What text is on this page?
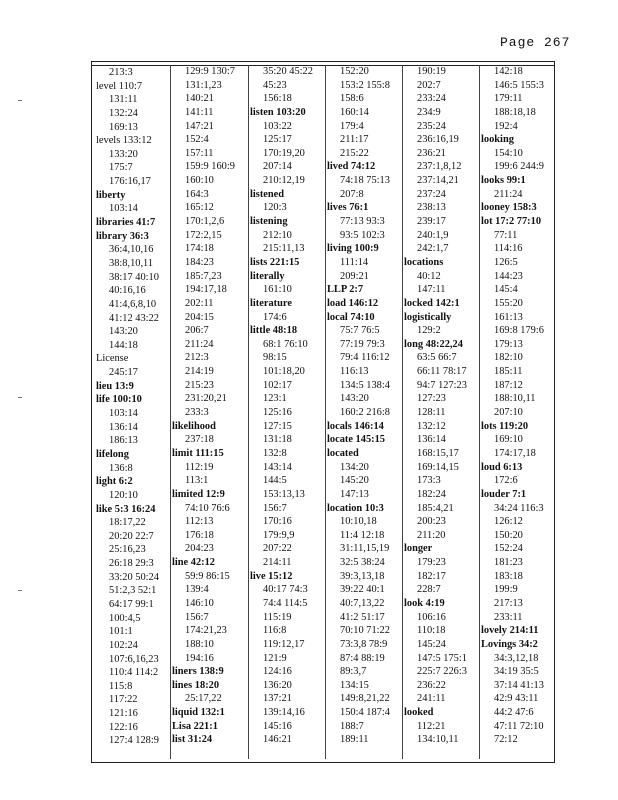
Page 267
213:3
level 110:7
131:11
132:24
169:13
levels 133:12
133:20
175:7
176:16,17
liberty
103:14
libraries 41:7
library 36:3
36:4,10,16
38:8,10,11
38:17 40:10
40:16,16
41:4,6,8,10
41:12 43:22
143:20
144:18
License
245:17
lieu 13:9
life 100:10
103:14
136:14
186:13
lifelong
136:8
light 6:2
120:10
like 5:3 16:24
18:17,22
20:20 22:7
25:16,23
26:18 29:3
33:20 50:24
51:2,3 52:1
64:17 99:1
100:4,5
101:1
102:24
107:6,16,23
110:4 114:2
115:8
117:22
121:16
122:16
127:4 128:9
129:9 130:7
131:1,23
140:21
141:11
147:21
152:4
157:11
159:9 160:9
160:10
164:3
165:12
170:1,2,6
172:2,15
174:18
184:23
185:7,23
194:17,18
202:11
204:15
206:7
211:24
212:3
214:19
215:23
231:20,21
233:3
likelihood
237:18
limit 111:15
112:19
113:1
limited 12:9
74:10 76:6
112:13
176:18
204:23
line 42:12
59:9 86:15
139:4
146:10
156:7
174:21,23
188:10
194:16
liners 138:9
lines 18:20
25:17,22
liquid 132:1
Lisa 221:1
list 31:24
35:20 45:22
45:23
156:18
listen 103:20
103:22
125:17
170:19,20
207:14
210:12,19
listened
120:3
listening
212:10
215:11,13
lists 221:15
literally
161:10
literature
174:6
little 48:18
68:1 76:10
98:15
101:18,20
102:17
123:1
125:16
127:15
131:18
132:8
143:14
144:5
153:13,13
156:7
170:16
179:9,9
207:22
214:11
live 15:12
40:17 74:3
74:4 114:5
115:19
116:8
119:12,17
121:9
124:16
136:20
137:21
139:14,16
145:16
146:21
152:20
153:2 155:8
158:6
160:14
179:4
211:17
215:22
lived 74:12
74:18 75:13
207:8
lives 76:1
77:13 93:3
93:5 102:3
living 100:9
111:14
209:21
LLP 2:7
load 146:12
local 74:10
75:7 76:5
77:19 79:3
79:4 116:12
116:13
134:5 138:4
143:20
160:2 216:8
locals 146:14
locate 145:15
located
134:20
145:20
147:13
location 10:3
10:10,18
11:4 12:18
31:11,15,19
32:5 38:24
39:3,13,18
39:22 40:1
40:7,13,22
41:2 51:17
70:10 71:22
73:3,8 78:9
87:4 88:19
89:3,7
134:15
149:8,21,22
150:4 187:4
188:7
189:11
190:19
202:7
233:24
234:9
235:24
236:16,19
236:21
237:1,8,12
237:14,21
237:24
238:13
239:17
240:1,9
242:1,7
locations
40:12
147:11
locked 142:1
logistically
129:2
long 48:22,24
63:5 66:7
66:11 78:17
94:7 127:23
127:23
128:11
132:12
136:14
168:15,17
169:14,15
173:3
182:24
185:4,21
200:23
211:20
longer
179:23
182:17
228:7
look 4:19
106:16
110:18
145:24
147:5 175:1
225:7 226:3
236:22
241:11
looked
112:21
134:10,11
142:18
146:5 155:3
179:11
188:18,18
192:4
looking
154:10
199:6 244:9
looks 99:1
211:24
looney 158:3
lot 17:2 77:10
77:11
114:16
126:5
144:23
145:4
155:20
161:13
169:8 179:6
179:13
182:10
185:11
187:12
188:10,11
207:10
lots 119:20
169:10
174:17,18
loud 6:13
172:6
louder 7:1
34:24 116:3
126:12
150:20
152:24
181:23
183:18
199:9
217:13
233:11
lovely 214:11
Lovings 34:2
34:3,12,18
34:19 35:5
37:14 41:13
42:9 43:11
44:2 47:6
47:11 72:10
72:12
